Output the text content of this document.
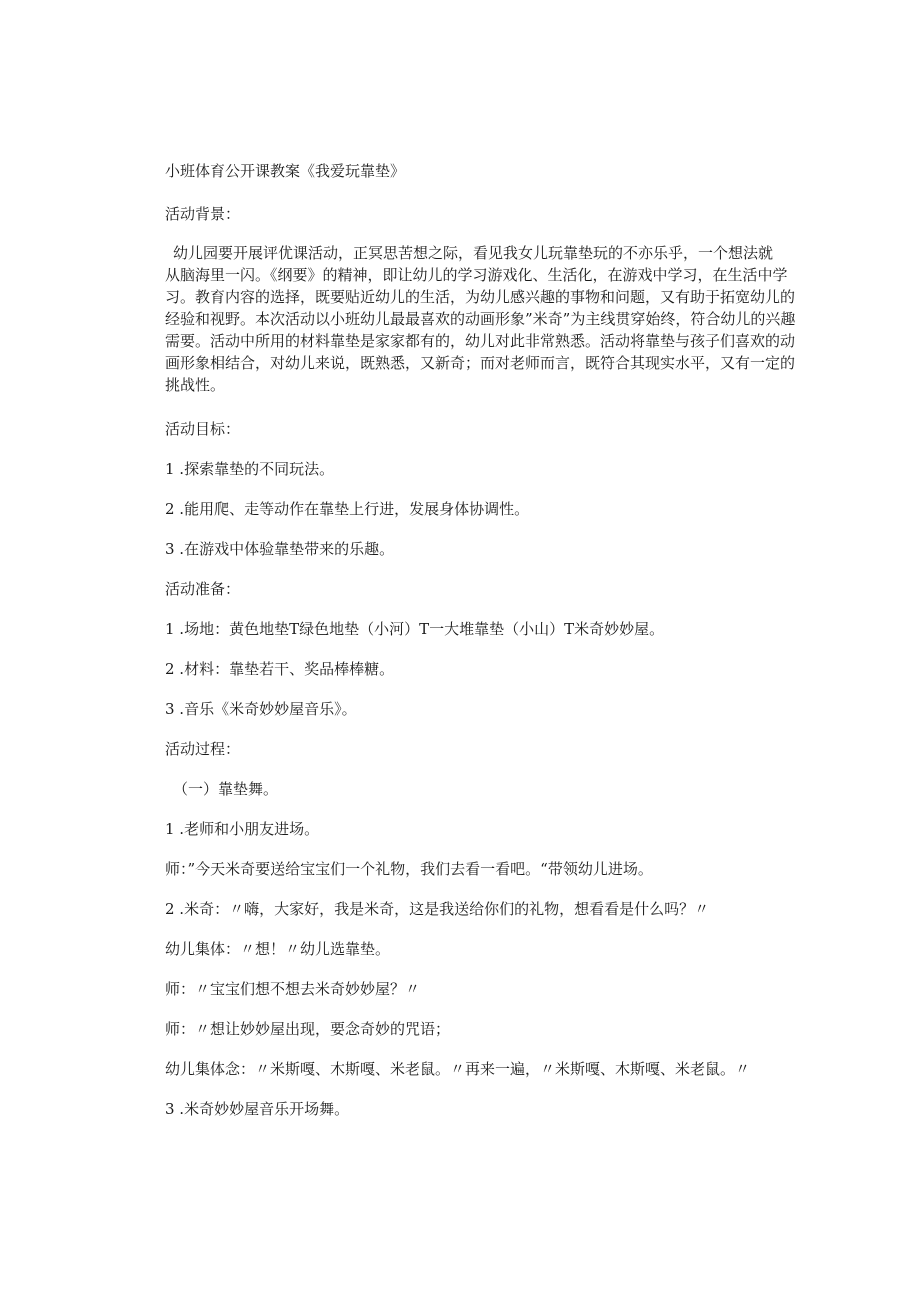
小班体育公开课教案《我爱玩靠垫》
活动背景：
幼儿园要开展评优课活动，正冥思苦想之际，看见我女儿玩靠垫玩的不亦乐乎，一个想法就
从脑海里一闪。《纲要》的精神，即让幼儿的学习游戏化、生活化，在游戏中学习，在生活中学
习。教育内容的选择，既要贴近幼儿的生活，为幼儿感兴趣的事物和问题，又有助于拓宽幼儿的
经验和视野。本次活动以小班幼儿最最喜欢的动画形象”米奇”为主线贯穿始终，符合幼儿的兴趣
需要。活动中所用的材料靠垫是家家都有的，幼儿对此非常熟悉。活动将靠垫与孩子们喜欢的动
画形象相结合，对幼儿来说，既熟悉，又新奇；而对老师而言，既符合其现实水平，又有一定的
挑战性。
活动目标：
1 .探索靠垫的不同玩法。
2 .能用爬、走等动作在靠垫上行进，发展身体协调性。
3 .在游戏中体验靠垫带来的乐趣。
活动准备：
1 .场地：黄色地垫T绿色地垫（小河）T一大堆靠垫（小山）T米奇妙妙屋。
2 .材料：靠垫若干、奖品棒棒糖。
3 .音乐《米奇妙妙屋音乐》。
活动过程：
（一）靠垫舞。
1 .老师和小朋友进场。
师：”今天米奇要送给宝宝们一个礼物，我们去看一看吧。“带领幼儿进场。
2 .米奇：〃嗨，大家好，我是米奇，这是我送给你们的礼物，想看看是什么吗？〃
幼儿集体：〃想！〃幼儿选靠垫。
师：〃宝宝们想不想去米奇妙妙屋？〃
师：〃想让妙妙屋出现，要念奇妙的咒语；
幼儿集体念：〃米斯嘎、木斯嘎、米老鼠。〃再来一遍，〃米斯嘎、木斯嘎、米老鼠。〃
3 .米奇妙妙屋音乐开场舞。
